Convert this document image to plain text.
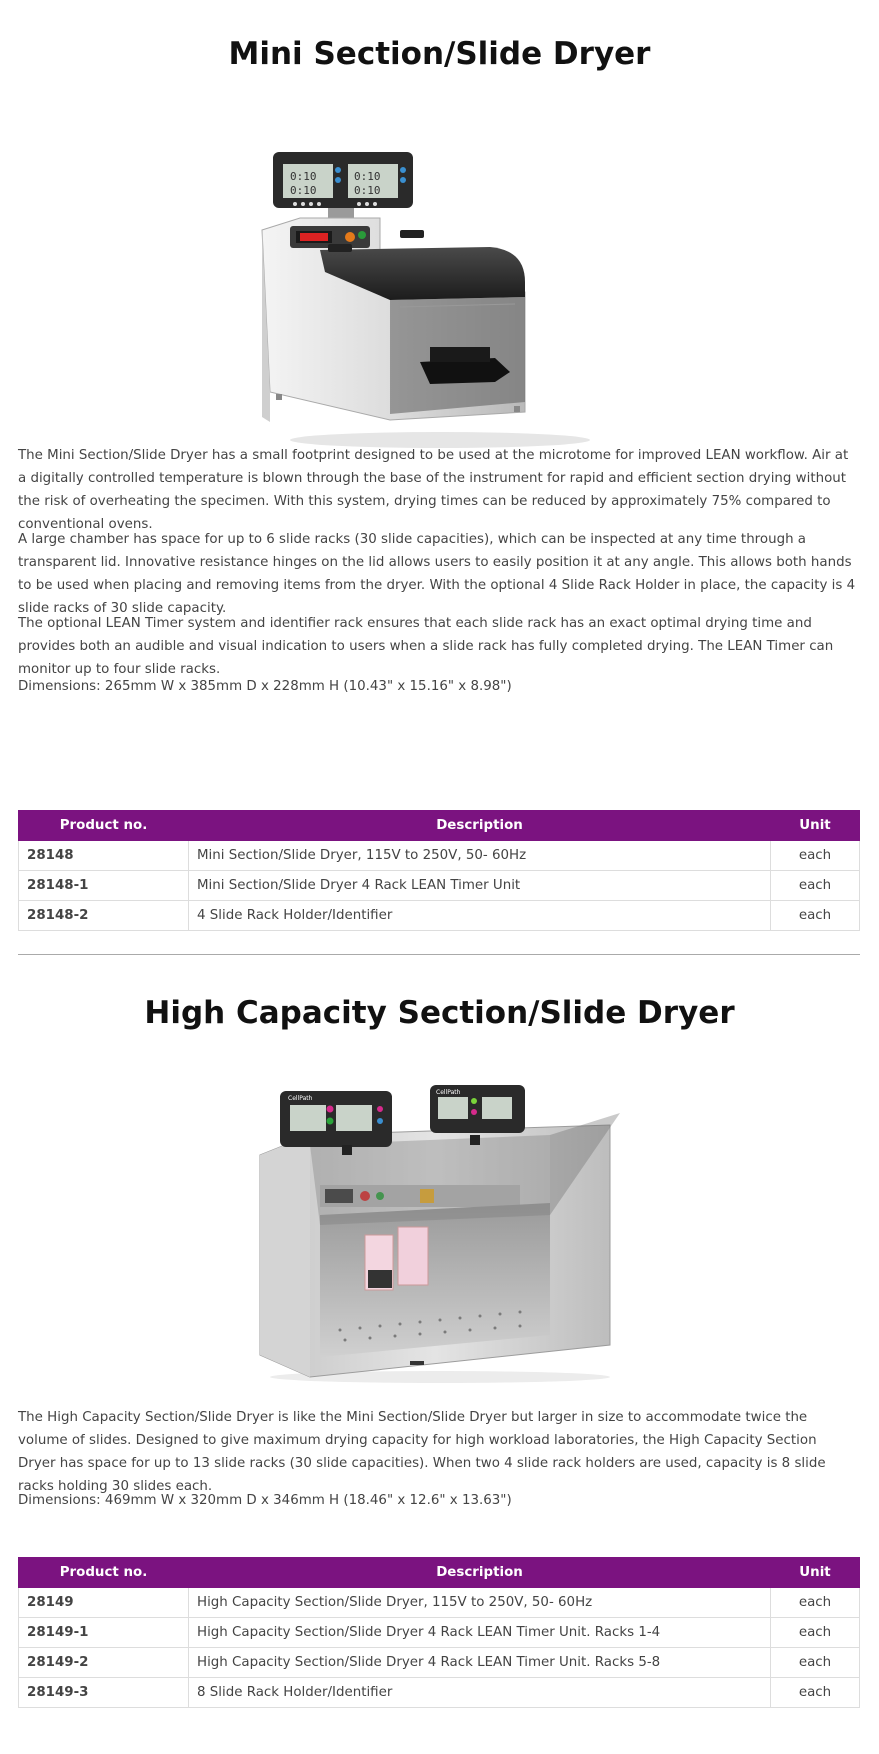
Mini Section/Slide Dryer
0:10
0:10
0:10
0:10

The Mini Section/Slide Dryer has a small footprint designed to be used at the microtome for improved LEAN workflow. Air at a digitally controlled temperature is blown through the base of the instrument for rapid and efficient section drying without the risk of overheating the specimen. With this system, drying times can be reduced by approximately 75% compared to conventional ovens.

A large chamber has space for up to 6 slide racks (30 slide capacities), which can be inspected at any time through a transparent lid. Innovative resistance hinges on the lid allows users to easily position it at any angle. This allows both hands to be used when placing and removing items from the dryer. With the optional 4 Slide Rack Holder in place, the capacity is 4 slide racks of 30 slide capacity.

The optional LEAN Timer system and identifier rack ensures that each slide rack has an exact optimal drying time and provides both an audible and visual indication to users when a slide rack has fully completed drying. The LEAN Timer can monitor up to four slide racks.

Dimensions: 265mm W x 385mm D x 228mm H (10.43" x 15.16" x 8.98")

Product no.	Description	Unit
28148	Mini Section/Slide Dryer, 115V to 250V, 50- 60Hz	each
28148-1	Mini Section/Slide Dryer 4 Rack LEAN Timer Unit	each
28148-2	4 Slide Rack Holder/Identifier	each
High Capacity Section/Slide Dryer
CellPath
CellPath

The High Capacity Section/Slide Dryer is like the Mini Section/Slide Dryer but larger in size to accommodate twice the volume of slides. Designed to give maximum drying capacity for high workload laboratories, the High Capacity Section Dryer has space for up to 13 slide racks (30 slide capacities). When two 4 slide rack holders are used, capacity is 8 slide racks holding 30 slides each.

Dimensions: 469mm W x 320mm D x 346mm H (18.46" x 12.6" x 13.63")

Product no.	Description	Unit
28149	High Capacity Section/Slide Dryer, 115V to 250V, 50- 60Hz	each
28149-1	High Capacity Section/Slide Dryer 4 Rack LEAN Timer Unit. Racks 1-4	each
28149-2	High Capacity Section/Slide Dryer 4 Rack LEAN Timer Unit. Racks 5-8	each
28149-3	8 Slide Rack Holder/Identifier	each
